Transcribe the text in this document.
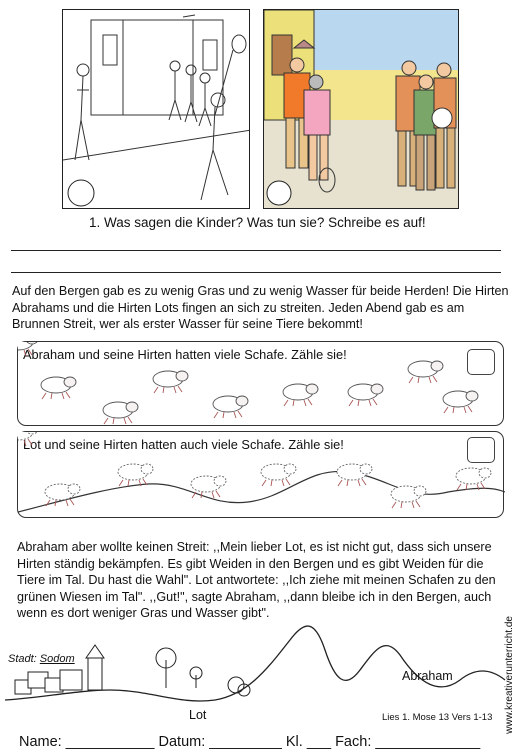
1. Was sagen die Kinder? Was tun sie? Schreibe es auf!
Auf den Bergen gab es zu wenig Gras und zu wenig Wasser für beide Herden! Die Hirten Abrahams und die Hirten Lots fingen an sich zu streiten. Jeden Abend gab es am Brunnen Streit, wer als erster Wasser für seine Tiere bekommt!
Abraham und seine Hirten hatten viele Schafe. Zähle sie!
Lot und seine Hirten hatten auch viele Schafe. Zähle sie!
Abraham aber wollte keinen Streit: ,,Mein lieber Lot, es ist nicht gut, dass sich unsere Hirten ständig bekämpfen. Es gibt Weiden in den Bergen und es gibt Weiden für die Tiere im Tal. Du hast die Wahl". Lot antwortete: ,,Ich ziehe mit meinen Schafen zu den grünen Wiesen im Tal". ,,Gut!", sagte Abraham, ,,dann bleibe ich in den Bergen, auch wenn es dort weniger Gras und Wasser gibt".
Stadt: Sodom
Lot
Abraham
Lies 1. Mose 13 Vers 1-13 www.kreativerunterricht.de
Name: ___________ Datum: _________ Kl. ___ Fach: _____________
